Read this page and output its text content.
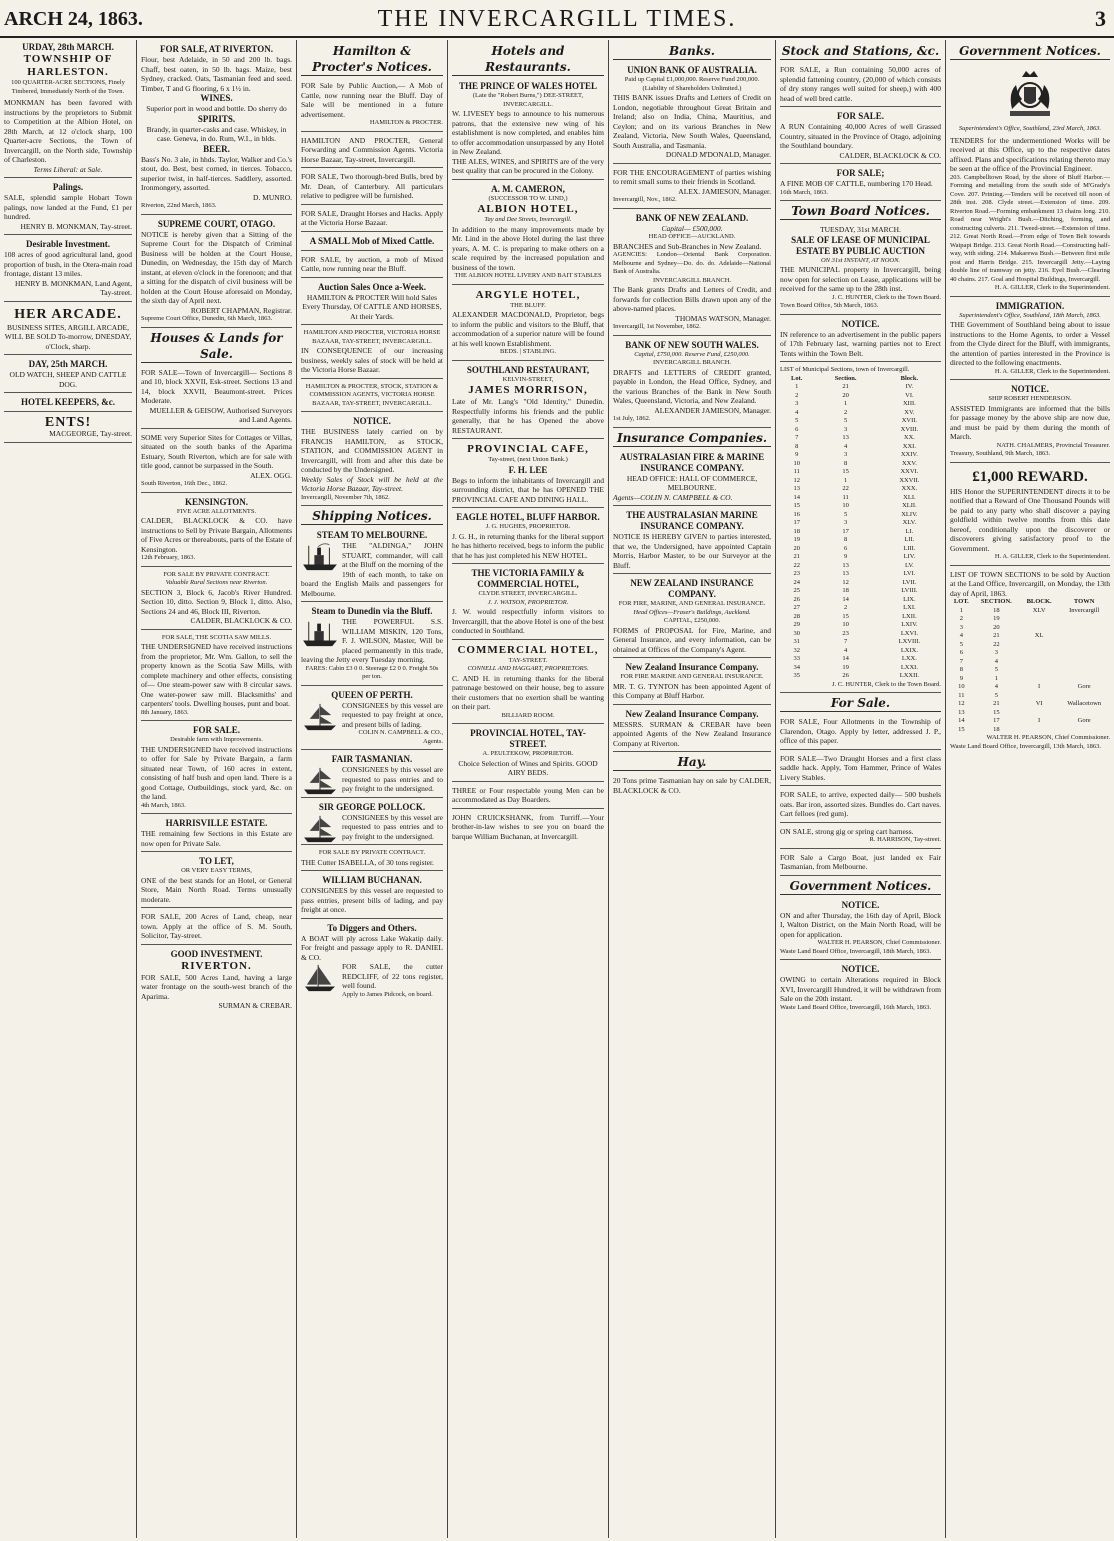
ARCH 24, 1863.	THE INVERCARGILL TIMES.	3
URDAY, 28th MARCH.
TOWNSHIP OF HARLESTON.
100 QUARTER-ACRE SECTIONS, Finely Timbered, Immediately North of the Town.

MONKMAN has been favored with instructions by the proprietors to Submit to Competition at the Albion Hotel, on 28th March, at 12 o'clock sharp, 100 Quarter-acre Sections, the Town of Invercargill, on the North side, Township of Charleston.

Terms Liberal: at Sale.

Palings.

SALE, splendid sample Hobart Town palings, now landed at the Fund, £1 per hundred.

HENRY B. MONKMAN, Tay-street.

Desirable Investment.

108 acres of good agricultural land, good proportion of bush, in the Otera-main road frontage, distant 13 miles.

HENRY B. MONKMAN, Land Agent, Tay-street.

HER ARCADE.

BUSINESS SITES, ARGILL ARCADE, WILL BE SOLD To-morrow, DNESDAY, o'Clock, sharp.

DAY, 25th MARCH.

OLD WATCH, SHEEP AND CATTLE DOG.

HOTEL KEEPERS, &c.
ENTS!

MACGEORGE, Tay-street.

FOR SALE, AT RIVERTON.

Flour, best Adelaide, in 50 and 200 lb. bags. Chaff, best oaten, in 50 lb. bags. Maize, best Sydney, cracked. Oats, Tasmanian feed and seed. Timber, T and G flooring, 6 x 1½ in.

WINES.

Superior port in wood and bottle. Do sherry do

SPIRITS.

Brandy, in quarter-casks and case. Whiskey, in case. Geneva, in do. Rum, W.I., in blds.

BEER.

Bass's No. 3 ale, in hhds. Taylor, Walker and Co.'s stout, do. Best, best corned, in tierces. Tobacco, superior twist, in half-tierces. Saddlery, assorted. Ironmongery, assorted.

D. MUNRO.

Riverton, 22nd March, 1863.

SUPREME COURT, OTAGO.

NOTICE is hereby given that a Sitting of the Supreme Court for the Dispatch of Criminal Business will be holden at the Court House, Dunedin, on Wednesday, the 15th day of March instant, at eleven o'clock in the forenoon; and that a sitting for the dispatch of civil business will be holden at the Court House aforesaid on Monday, the sixth day of April next.

ROBERT CHAPMAN, Registrar.

Supreme Court Office, Dunedin, 6th March, 1863.

Houses & Lands for Sale.

FOR SALE—Town of Invercargill— Sections 8 and 10, block XXVII, Esk-street. Sections 13 and 14, block XXVII, Beaumont-street. Prices Moderate.

MUELLER & GEISOW, Authorised Surveyors and Land Agents.

SOME very Superior Sites for Cottages or Villas, situated on the south banks of the Aparima Estuary, South Riverton, which are for sale with title good, cannot be surpassed in the South.

ALEX. OGG.

South Riverton, 16th Dec., 1862.

KENSINGTON.
FIVE ACRE ALLOTMENTS.

CALDER, BLACKLOCK & CO. have instructions to Sell by Private Bargain, Allotments of Five Acres or thereabouts, parts of the Estate of Kensington.

12th February, 1863.

FOR SALE BY PRIVATE CONTRACT.
Valuable Rural Sections near Riverton.

SECTION 3, Block 6, Jacob's River Hundred. Section 10, ditto. Section 9, Block 1, ditto. Also, Sections 24 and 46, Block III, Riverton.

CALDER, BLACKLOCK & CO.

FOR SALE, THE SCOTIA SAW MILLS.

THE UNDERSIGNED have received instructions from the proprietor, Mr. Wm. Gallon, to sell the property known as the Scotia Saw Mills, with complete machinery and other effects, consisting of— One steam-power saw with 8 circular saws. One water-power saw mill. Blacksmiths' and carpenters' tools. Dwelling houses, punt and boat.

8th January, 1863.

FOR SALE.
Desirable farm with Improvements.

THE UNDERSIGNED have received instructions to offer for Sale by Private Bargain, a farm situated near Town, of 160 acres in extent, consisting of half bush and open land. There is a good Cottage, Outbuildings, stock yard, &c. on the land.

4th March, 1863.

HARRISVILLE ESTATE.

THE remaining few Sections in this Estate are now open for Private Sale.

TO LET,
OR VERY EASY TERMS,

ONE of the best stands for an Hotel, or General Store, Main North Road. Terms unusually moderate.

FOR SALE, 200 Acres of Land, cheap, near town. Apply at the office of S. M. South, Solicitor, Tay-street.

GOOD INVESTMENT.
RIVERTON.

FOR SALE, 500 Acres Land, having a large water frontage on the south-west branch of the Aparima.

SURMAN & CREBAR.

Hamilton & Procter's Notices.

FOR Sale by Public Auction,— A Mob of Cattle, now running near the Bluff. Day of Sale will be mentioned in a future advertisement.

HAMILTON & PROCTER.

HAMILTON AND PROCTER, General Forwarding and Commission Agents. Victoria Horse Bazaar, Tay-street, Invercargill.

FOR SALE, Two thorough-bred Bulls, bred by Mr. Dean, of Canterbury. All particulars relative to pedigree will be furnished.

FOR SALE, Draught Horses and Hacks. Apply at the Victoria Horse Bazaar.

A SMALL Mob of Mixed Cattle.

FOR SALE, by auction, a mob of Mixed Cattle, now running near the Bluff.

Auction Sales Once a-Week.

HAMILTON & PROCTER Will hold Sales Every Thursday, Of CATTLE AND HORSES, At their Yards.

HAMILTON AND PROCTER, VICTORIA HORSE BAZAAR, TAY-STREET, INVERCARGILL.

IN CONSEQUENCE of our increasing business, weekly sales of stock will be held at the Victoria Horse Bazaar.

HAMILTON & PROCTER, STOCK, STATION & COMMISSION AGENTS, VICTORIA HORSE BAZAAR, TAY-STREET, INVERCARGILL.
NOTICE.

THE BUSINESS lately carried on by FRANCIS HAMILTON, as STOCK, STATION, and COMMISSION AGENT in Invercargill, will from and after this date be conducted by the Undersigned.

Weekly Sales of Stock will be held at the Victoria Horse Bazaar, Tay-street.

Invercargill, November 7th, 1862.

Shipping Notices.
STEAM TO MELBOURNE.

THE "ALDINGA," JOHN STUART, commander, will call at the Bluff on the morning of the 19th of each month, to take on board the English Mails and passengers for Melbourne.

Steam to Dunedin via the Bluff.

THE POWERFUL S.S. WILLIAM MISKIN, 120 Tons, F. J. WILSON, Master, Will be placed permanently in this trade, leaving the Jetty every Tuesday morning.

FARES: Cabin £3 0 0. Steerage £2 0 0. Freight 50s per ton.

QUEEN OF PERTH.

CONSIGNEES by this vessel are requested to pay freight at once, and present bills of lading.

COLIN N. CAMPBELL & CO., Agents.

FAIR TASMANIAN.

CONSIGNEES by this vessel are requested to pass entries and to pay freight to the undersigned.

SIR GEORGE POLLOCK.

CONSIGNEES by this vessel are requested to pass entries and to pay freight to the undersigned.

FOR SALE BY PRIVATE CONTRACT.

THE Cutter ISABELLA, of 30 tons register.

WILLIAM BUCHANAN.

CONSIGNEES by this vessel are requested to pass entries, present bills of lading, and pay freight at once.

To Diggers and Others.

A BOAT will ply across Lake Wakatip daily. For freight and passage apply to R. DANIEL & CO.

FOR SALE, the cutter REDCLIFF, of 22 tons register, well found.

Apply to James Pidcock, on board.

Hotels and Restaurants.
THE PRINCE OF WALES HOTEL
(Late the "Robert Burns,") DEE-STREET, INVERCARGILL.

W. LIVESEY begs to announce to his numerous patrons, that the extensive new wing of his establishment is now completed, and enables him to offer accommodation unsurpassed by any Hotel in New Zealand.

THE ALES, WINES, and SPIRITS are of the very best quality that can be procured in the Colony.

A. M. CAMERON,
(SUCCESSOR TO W. LIND,)
ALBION HOTEL,
Tay and Dee Streets, Invercargill.

In addition to the many improvements made by Mr. Lind in the above Hotel during the last three years, A. M. C. is preparing to make others on a scale required by the increased population and business of the town.

THE ALBION HOTEL LIVERY AND BAIT STABLES

ARGYLE HOTEL,
THE BLUFF.

ALEXANDER MACDONALD, Proprietor, begs to inform the public and visitors to the Bluff, that accommodation of a superior nature will be found at his well known Establishment.

BEDS. | STABLING.

SOUTHLAND RESTAURANT,
KELVIN-STREET,
JAMES MORRISON,

Late of Mr. Lang's "Old Identity," Dunedin. Respectfully informs his friends and the public generally, that he has Opened the above RESTAURANT.

PROVINCIAL CAFE,
Tay-street, (next Union Bank.)
F. H. LEE

Begs to inform the inhabitants of Invercargill and surrounding district, that he has OPENED THE PROVINCIAL CAFE AND DINING HALL.

EAGLE HOTEL, BLUFF HARBOR.
J. G. HUGHES, PROPRIETOR.

J. G. H., in returning thanks for the liberal support he has hitherto received, begs to inform the public that he has just completed his NEW HOTEL.

THE VICTORIA FAMILY & COMMERCIAL HOTEL,
CLYDE STREET, INVERCARGILL.
J. J. WATSON, PROPRIETOR.

J. W. would respectfully inform visitors to Invercargill, that the above Hotel is one of the best conducted in Southland.

COMMERCIAL HOTEL,
TAY-STREET.
CONNELL AND HAGGART, PROPRIETORS.

C. AND H. in returning thanks for the liberal patronage bestowed on their house, beg to assure their customers that no exertion shall be wanting on their part.

BILLIARD ROOM.

PROVINCIAL HOTEL, TAY-STREET.
A. PEULTEKOW, PROPRIETOR.

Choice Selection of Wines and Spirits. GOOD AIRY BEDS.

THREE or Four respectable young Men can be accommodated as Day Boarders.

JOHN CRUICKSHANK, from Turriff.—Your brother-in-law wishes to see you on board the barque William Buchanan, at Invercargill.

Banks.
UNION BANK OF AUSTRALIA.

Paid up Capital £1,000,000. Reserve Fund 200,000. (Liability of Shareholders Unlimited.)

THIS BANK issues Drafts and Letters of Credit on London, negotiable throughout Great Britain and Ireland; also on India, China, Mauritius, and Ceylon; and on its various Branches in New Zealand, Victoria, New South Wales, Queensland, South Australia, and Tasmania.

DONALD M'DONALD, Manager.

FOR THE ENCOURAGEMENT of parties wishing to remit small sums to their friends in Scotland.

ALEX. JAMIESON, Manager.

Invercargill, Nov., 1862.

BANK OF NEW ZEALAND.

Capital— £500,000.

HEAD OFFICE—AUCKLAND.

BRANCHES and Sub-Branches in New Zealand.

AGENCIES: London—Oriental Bank Corporation. Melbourne and Sydney—Do. do. do. Adelaide—National Bank of Australia.

INVERCARGILL BRANCH.

The Bank grants Drafts and Letters of Credit, and forwards for collection Bills drawn upon any of the above-named places.

THOMAS WATSON, Manager.

Invercargill, 1st November, 1862.

BANK OF NEW SOUTH WALES.

Capital, £750,000. Reserve Fund, £250,000.

INVERCARGILL BRANCH.

DRAFTS and LETTERS of CREDIT granted, payable in London, the Head Office, Sydney, and the various Branches of the Bank in New South Wales, Queensland, Victoria, and New Zealand.

ALEXANDER JAMIESON, Manager.

1st July, 1862.

Insurance Companies.
AUSTRALASIAN FIRE & MARINE INSURANCE COMPANY.

HEAD OFFICE: HALL OF COMMERCE, MELBOURNE.

Agents—COLIN N. CAMPBELL & CO.

THE AUSTRALASIAN MARINE INSURANCE COMPANY.

NOTICE IS HEREBY GIVEN to parties interested, that we, the Undersigned, have appointed Captain Morris, Harbor Master, to be our Surveyor at the Bluff.

NEW ZEALAND INSURANCE COMPANY.

FOR FIRE, MARINE, AND GENERAL INSURANCE.

Head Offices—Fraser's Buildings, Auckland.

CAPITAL, £250,000.

FORMS of PROPOSAL for Fire, Marine, and General Insurance, and every information, can be obtained at Offices of the Company's Agent.

New Zealand Insurance Company.

FOR FIRE MARINE AND GENERAL INSURANCE.

MR. T. G. TYNTON has been appointed Agent of this Company at Bluff Harbor.

New Zealand Insurance Company.

MESSRS. SURMAN & CREBAR have been appointed Agents of the New Zealand Insurance Company at Riverton.

Hay.

20 Tons prime Tasmanian hay on sale by CALDER, BLACKLOCK & CO.

Stock and Stations, &c.

FOR SALE, a Run containing 50,000 acres of splendid fattening country, (20,000 of which consists of dry stony ranges well suited for sheep,) with 400 head of well bred cattle.

FOR SALE.

A RUN Containing 40,000 Acres of well Grassed Country, situated in the Province of Otago, adjoining the Southland boundary.

CALDER, BLACKLOCK & CO.

FOR SALE;

A FINE MOB OF CATTLE, numbering 170 Head.

16th March, 1863.

Town Board Notices.
TUESDAY, 31st MARCH.
SALE OF LEASE OF MUNICIPAL ESTATE BY PUBLIC AUCTION
ON 31st INSTANT, AT NOON.

THE MUNICIPAL property in Invercargill, being now open for selection on Lease, applications will be received for the same up to the 28th inst.

J. C. HUNTER, Clerk to the Town Board.

Town Board Office, 5th March, 1863.

NOTICE.

IN reference to an advertisement in the public papers of 17th February last, warning parties not to Erect Tents within the Town Belt.

LIST of Municipal Sections, town of Invercargill.

Lot.	Section.	Block.
1	21	IV.
2	20	VI.
3	1	XIII.
4	2	XV.
5	5	XVII.
6	3	XVIII.
7	13	XX.
8	4	XXI.
9	3	XXIV.
10	8	XXV.
11	15	XXVI.
12	1	XXVII.
13	22	XXX.
14	11	XLI.
15	10	XLII.
16	5	XLIV.
17	3	XLV.
18	17	LI.
19	8	LII.
20	6	LIII.
21	9	LIV.
22	13	LV.
23	13	LVI.
24	12	LVII.
25	18	LVIII.
26	14	LIX.
27	2	LXI.
28	15	LXII.
29	10	LXIV.
30	23	LXVI.
31	7	LXVIII.
32	4	LXIX.
33	14	LXX.
34	19	LXXI.
35	26	LXXII.

J. C. HUNTER, Clerk to the Town Board.

For Sale.

FOR SALE, Four Allotments in the Township of Clarendon, Otago. Apply by letter, addressed J. P., office of this paper.

FOR SALE—Two Draught Horses and a first class saddle hack. Apply, Tom Hammer, Prince of Wales Livery Stables.

FOR SALE, to arrive, expected daily— 500 bushels oats. Bar iron, assorted sizes. Bundles do. Cart naves. Cart felloes (red gum).

ON SALE, strong gig or spring cart harness.

R. HARRISON, Tay-street.

FOR Sale a Cargo Boat, just landed ex Fair Tasmanian, from Melbourne.

Government Notices.
NOTICE.

ON and after Thursday, the 16th day of April, Block I, Walton District, on the Main North Road, will be open for application.

WALTER H. PEARSON, Chief Commissioner.

Waste Land Board Office, Invercargill, 18th March, 1863.

NOTICE.

OWING to certain Alterations required in Block XVI, Invercargill Hundred, it will be withdrawn from Sale on the 20th instant.

Waste Land Board Office, Invercargill, 16th March, 1863.

Government Notices.

Superintendent's Office, Southland, 23rd March, 1863.

TENDERS for the undermentioned Works will be received at this Office, up to the respective dates affixed. Plans and specifications relating thereto may be seen at the office of the Provincial Engineer.

203. Campbelltown Road, by the shore of Bluff Harbor.—Forming and metalling from the south side of M'Grady's Cove. 207. Printing.—Tenders will be received till noon of 28th inst. 208. Clyde street.—Extension of time. 209. Riverton Road.—Forming embankment 13 chains long. 210. Road near Wright's Bush.—Ditching, forming, and constructing culverts. 211. Tweed-street.—Extension of time. 212. Great North Road.—From edge of Town Belt towards Waipapi Bridge. 213. Great North Road.—Constructing half-way, with siding. 214. Makarewa Bush.—Between first mile post and Harris Bridge. 215. Invercargill Jetty.—Laying double line of tramway on jetty. 216. Eyel Bush.—Clearing 40 chains. 217. Goal and Hospital Buildings, Invercargill.

H. A. GILLER, Clerk to the Superintendent.

IMMIGRATION.

Superintendent's Office, Southland, 18th March, 1863.

THE Government of Southland being about to issue instructions to the Home Agents, to order a Vessel from the Clyde direct for the Bluff, with immigrants, the attention of parties interested in the Province is directed to the following enactments.

H. A. GILLER, Clerk to the Superintendent.

NOTICE.

SHIP ROBERT HENDERSON.

ASSISTED Immigrants are informed that the bills for passage money by the above ship are now due, and must be paid by them during the month of March.

NATH. CHALMERS, Provincial Treasurer.

Treasury, Southland, 9th March, 1863.

£1,000 REWARD.

HIS Honor the SUPERINTENDENT directs it to be notified that a Reward of One Thousand Pounds will be paid to any party who shall discover a paying goldfield within twelve months from this date hereof, conditionally upon the discoverer or discoverers giving satisfactory proof to the Government.

H. A. GILLER, Clerk to the Superintendent.

LIST OF TOWN SECTIONS to be sold by Auction at the Land Office, Invercargill, on Monday, the 13th day of April, 1863.

LOT.	SECTION.	BLOCK.	TOWN
1	18	XLV	Invercargill
2	19		
3	20		
4	21	XL	
5	22		
6	3		
7	4		
8	5		
9	1		
10	4	I	Gore
11	5		
12	21	VI	Wallacetown
13	15		
14	17	I	Gore
15	18		

WALTER H. PEARSON, Chief Commissioner.

Waste Land Board Office, Invercargill, 13th March, 1863.
